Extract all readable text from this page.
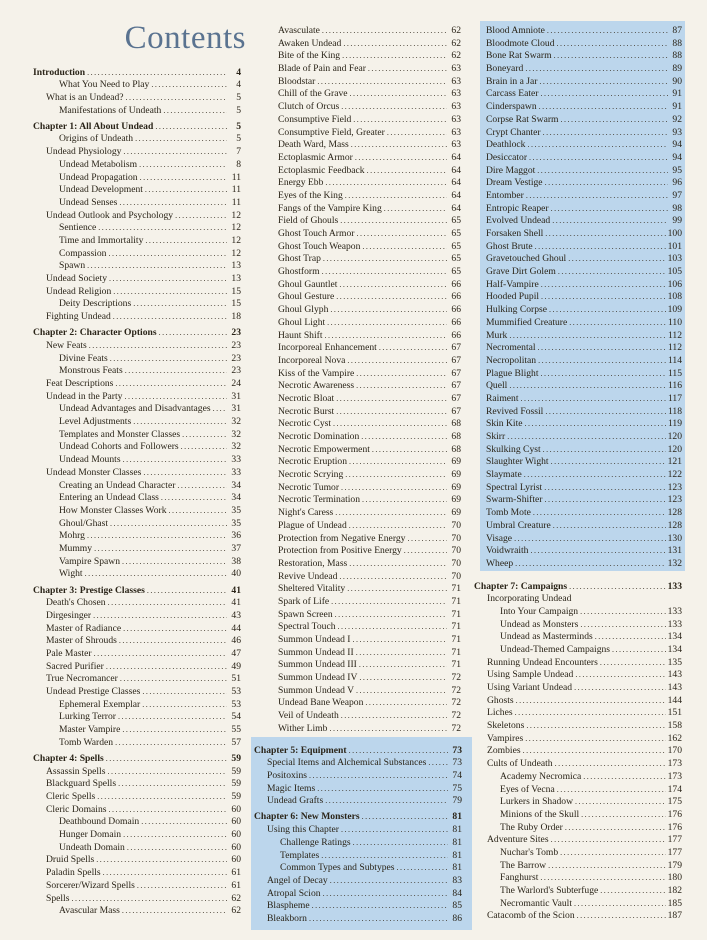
Contents
Introduction .....	4
What You Need to Play .....	4
What is an Undead? .....	5
Manifestations of Undeath .....	5
Chapter 1: All About Undead .....	5
Origins of Undeath .....	5
Undead Physiology .....	7
Undead Metabolism .....	8
Undead Propagation .....	11
Undead Development .....	11
Undead Senses .....	11
Undead Outlook and Psychology .....	12
Sentience .....	12
Time and Immortality .....	12
Compassion .....	12
Spawn .....	13
Undead Society .....	13
Undead Religion .....	15
Deity Descriptions .....	15
Fighting Undead .....	18
Chapter 2: Character Options .....	23
New Feats .....	23
Divine Feats .....	23
Monstrous Feats .....	23
Feat Descriptions .....	24
Undead in the Party .....	31
Undead Advantages and Disadvantages ..... 31
Level Adjustments .....	32
Templates and Monster Classes .....	32
Undead Cohorts and Followers .....	32
Undead Mounts .....	33
Undead Monster Classes .....	33
Creating an Undead Character .....	34
Entering an Undead Class .....	34
How Monster Classes Work .....	35
Ghoul/Ghast .....	35
Mohrg .....	36
Mummy .....	37
Vampire Spawn .....	38
Wight .....	40
Chapter 3: Prestige Classes .....	41
Death's Chosen .....	41
Dirgesinger .....	43
Master of Radiance .....	44
Master of Shrouds .....	46
Pale Master .....	47
Sacred Purifier .....	49
True Necromancer .....	51
Undead Prestige Classes .....	53
Ephemeral Exemplar .....	53
Lurking Terror .....	54
Master Vampire .....	55
Tomb Warden .....	57
Chapter 4: Spells .....	59
Assassin Spells .....	59
Blackguard Spells .....	59
Cleric Spells .....	59
Cleric Domains .....	60
Deathbound Domain .....	60
Hunger Domain .....	60
Undeath Domain .....	60
Druid Spells .....	60
Paladin Spells .....	61
Sorcerer/Wizard Spells .....	61
Spells .....	62
Avascular Mass .....	62
Avasculate .....	62
Awaken Undead .....	62
Bite of the King .....	62
Blade of Pain and Fear .....	63
Bloodstar .....	63
Chill of the Grave .....	63
Clutch of Orcus .....	63
Consumptive Field .....	63
Consumptive Field, Greater .....	63
Death Ward, Mass .....	63
Ectoplasmic Armor .....	64
Ectoplasmic Feedback .....	64
Energy Ebb .....	64
Eyes of the King .....	64
Fangs of the Vampire King .....	64
Field of Ghouls .....	65
Ghost Touch Armor .....	65
Ghost Touch Weapon .....	65
Ghost Trap .....	65
Ghostform .....	65
Ghoul Gauntlet .....	66
Ghoul Gesture .....	66
Ghoul Glyph .....	66
Ghoul Light .....	66
Haunt Shift .....	66
Incorporeal Enhancement .....	67
Incorporeal Nova .....	67
Kiss of the Vampire .....	67
Necrotic Awareness .....	67
Necrotic Bloat .....	67
Necrotic Burst .....	67
Necrotic Cyst .....	68
Necrotic Domination .....	68
Necrotic Empowerment .....	68
Necrotic Eruption .....	69
Necrotic Scrying .....	69
Necrotic Tumor .....	69
Necrotic Termination .....	69
Night's Caress .....	69
Plague of Undead .....	70
Protection from Negative Energy .....	70
Protection from Positive Energy .....	70
Restoration, Mass .....	70
Revive Undead .....	70
Sheltered Vitality .....	71
Spark of Life .....	71
Spawn Screen .....	71
Spectral Touch .....	71
Summon Undead I .....	71
Summon Undead II .....	71
Summon Undead III .....	71
Summon Undead IV .....	72
Summon Undead V .....	72
Undead Bane Weapon .....	72
Veil of Undeath .....	72
Wither Limb .....	72
Chapter 5: Equipment .....	73
Special Items and Alchemical Substances .....	73
Positoxins .....	74
Magic Items .....	75
Undead Grafts .....	79
Chapter 6: New Monsters .....	81
Using this Chapter .....	81
Challenge Ratings .....	81
Templates .....	81
Common Types and Subtypes .....	81
Angel of Decay .....	83
Atropal Scion .....	84
Blaspheme .....	85
Bleakborn .....	86
Blood Amniote .....	87
Bloodmote Cloud .....	88
Bone Rat Swarm .....	88
Boneyard .....	89
Brain in a Jar .....	90
Carcass Eater .....	91
Cinderspawn .....	91
Corpse Rat Swarm .....	92
Crypt Chanter .....	93
Deathlock .....	94
Desiccator .....	94
Dire Maggot .....	95
Dream Vestige .....	96
Entomber .....	97
Entropic Reaper .....	98
Evolved Undead .....	99
Forsaken Shell .....	100
Ghost Brute .....	101
Gravetouched Ghoul .....	103
Grave Dirt Golem .....	105
Half-Vampire .....	106
Hooded Pupil .....	108
Hulking Corpse .....	109
Mummified Creature .....	110
Murk .....	112
Necromental .....	112
Necropolitan .....	114
Plague Blight .....	115
Quell .....	116
Raiment .....	117
Revived Fossil .....	118
Skin Kite .....	119
Skirr .....	120
Skulking Cyst .....	120
Slaughter Wight .....	121
Slaymate .....	122
Spectral Lyrist .....	123
Swarm-Shifter .....	123
Tomb Mote .....	128
Umbral Creature .....	128
Visage .....	130
Voidwraith .....	131
Wheep .....	132
Chapter 7: Campaigns .....	133
Incorporating Undead
Into Your Campaign .....	133
Undead as Monsters .....	133
Undead as Masterminds .....	134
Undead-Themed Campaigns .....	134
Running Undead Encounters .....	135
Using Sample Undead .....	143
Using Variant Undead .....	143
Ghosts .....	144
Liches .....	151
Skeletons .....	158
Vampires .....	162
Zombies .....	170
Cults of Undeath .....	173
Academy Necromica .....	173
Eyes of Vecna .....	174
Lurkers in Shadow .....	175
Minions of the Skull .....	176
The Ruby Order .....	176
Adventure Sites .....	177
Nuchar's Tomb .....	177
The Barrow .....	179
Fanghurst .....	180
The Warlord's Subterfuge .....	182
Necromantic Vault .....	185
Catacomb of the Scion .....	187
